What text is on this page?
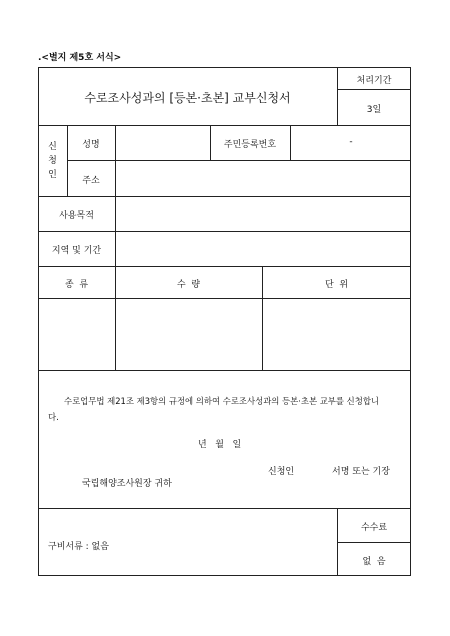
.<별지 제5호 서식>
수로조사성과의 [등본·초본] 교부신청서
처리기간
3일
신
청
인
성명	주민등록번호	-
주소
사용목적
지역 및 기간
종  류	수  량	단  위
수로업무법 제21조 제3항의 규정에 의하여 수로조사성과의 등본·초본 교부를 신청합니
다.
년   월   일
신청인	서명 또는 기장
국립해양조사원장 귀하
구비서류 : 없음
수수료
없  음
